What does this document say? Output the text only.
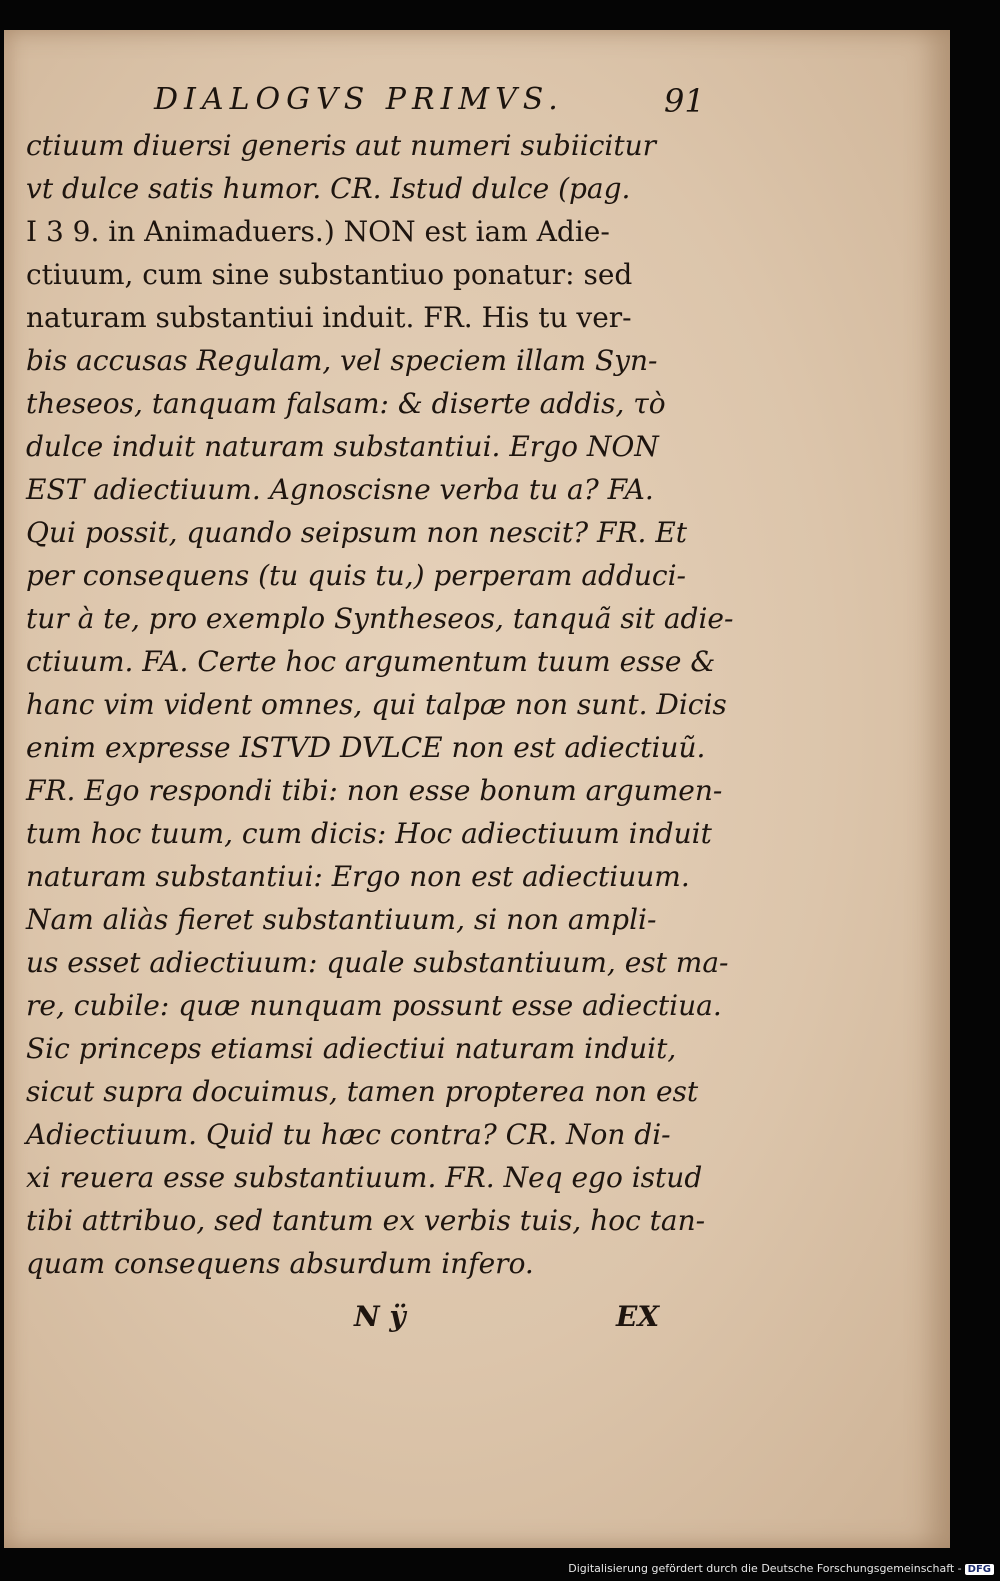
DIALOGVS PRIMVS.	91
ctiuum diuersi generis aut numeri subiicitur
vt dulce satis humor. CR. Istud dulce (pag.
I 3 9. in Animaduers.) NON est iam Adie-
ctiuum, cum sine substantiuo ponatur: sed
naturam substantiui induit. FR. His tu ver-
bis accusas Regulam, vel speciem illam Syn-
theseos, tanquam falsam: & diserte addis, τὸ
dulce induit naturam substantiui. Ergo NON
EST adiectiuum. Agnoscisne verba tu a? FA.
Qui possit, quando seipsum non nescit? FR. Et
per consequens (tu quis tu,) perperam adduci-
tur à te, pro exemplo Syntheseos, tanquã sit adie-
ctiuum. FA. Certe hoc argumentum tuum esse &
hanc vim vident omnes, qui talpæ non sunt. Dicis
enim expresse ISTVD DVLCE non est adiectiuũ.
FR. Ego respondi tibi: non esse bonum argumen-
tum hoc tuum, cum dicis: Hoc adiectiuum induit
naturam substantiui: Ergo non est adiectiuum.
Nam aliàs fieret substantiuum, si non ampli-
us esset adiectiuum: quale substantiuum, est ma-
re, cubile: quæ nunquam possunt esse adiectiua.
Sic princeps etiamsi adiectiui naturam induit,
sicut supra docuimus, tamen propterea non est
Adiectiuum. Quid tu hæc contra? CR. Non di-
xi reuera esse substantiuum. FR. Neq ego istud
tibi attribuo, sed tantum ex verbis tuis, hoc tan-
quam consequens absurdum infero.
N ÿ	EX
Digitalisierung gefördert durch die Deutsche Forschungsgemeinschaft - DFG
